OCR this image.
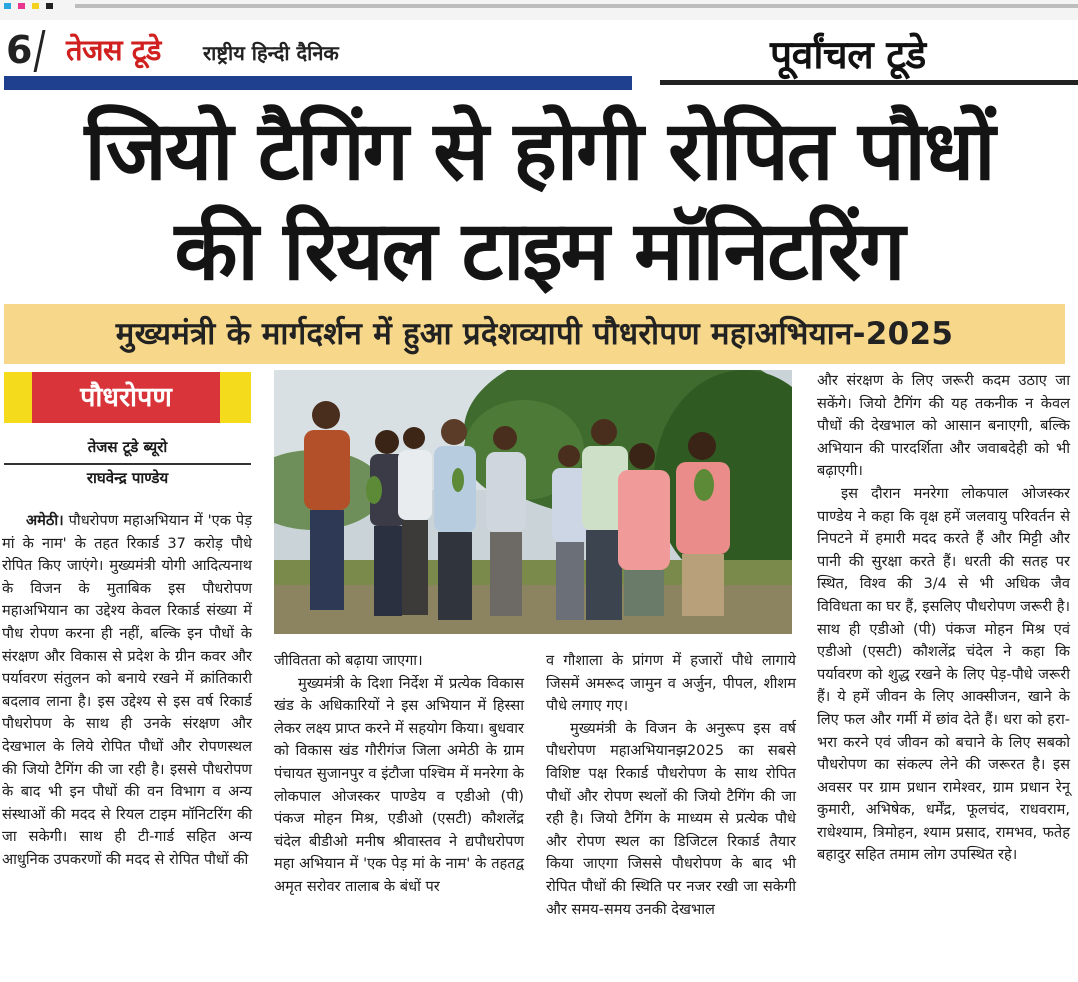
6 तेजस टूडे राष्ट्रीय हिन्दी दैनिक	पूर्वांचल टूडे
जियो टैगिंग से होगी रोपित पौधों
की रियल टाइम मॉनिटरिंग
मुख्यमंत्री के मार्गदर्शन में हुआ प्रदेशव्यापी पौधरोपण महाअभियान-2025
पौधरोपण
तेजस टूडे ब्यूरो
राघवेन्द्र पाण्डेय

अमेठी। पौधरोपण महाअभियान में 'एक पेड़ मां के नाम' के तहत रिकार्ड 37 करोड़ पौधे रोपित किए जाएंगे। मुख्यमंत्री योगी आदित्यनाथ के विजन के मुताबिक इस पौधरोपण महाअभियान का उद्देश्य केवल रिकार्ड संख्या में पौध रोपण करना ही नहीं, बल्कि इन पौधों के संरक्षण और विकास से प्रदेश के ग्रीन कवर और पर्यावरण संतुलन को बनाये रखने में क्रांतिकारी बदलाव लाना है। इस उद्देश्य से इस वर्ष रिकार्ड पौधरोपण के साथ ही उनके संरक्षण और देखभाल के लिये रोपित पौधों और रोपणस्थल की जियो टैगिंग की जा रही है। इससे पौधरोपण के बाद भी इन पौधों की वन विभाग व अन्य संस्थाओं की मदद से रियल टाइम मॉनिटरिंग की जा सकेगी। साथ ही टी-गार्ड सहित अन्य आधुनिक उपकरणों की मदद से रोपित पौधों की

जीवितता को बढ़ाया जाएगा।

मुख्यमंत्री के दिशा निर्देश में प्रत्येक विकास खंड के अधिकारियों ने इस अभियान में हिस्सा लेकर लक्ष्य प्राप्त करने में सहयोग किया। बुधवार को विकास खंड गौरीगंज जिला अमेठी के ग्राम पंचायत सुजानपुर व इंटौजा पश्चिम में मनरेगा के लोकपाल ओजस्कर पाण्डेय व एडीओ (पी) पंकज मोहन मिश्र, एडीओ (एसटी) कौशलेंद्र चंदेल बीडीओ मनीष श्रीवास्तव ने द्यपौधरोपण महा अभियान में 'एक पेड़ मां के नाम' के तहतद्व अमृत सरोवर तालाब के बंधों पर

व गौशाला के प्रांगण में हजारों पौधे लागाये जिसमें अमरूद जामुन व अर्जुन, पीपल, शीशम पौधे लगाए गए।

मुख्यमंत्री के विजन के अनुरूप इस वर्ष पौधरोपण महाअभियानझ2025 का सबसे विशिष्ट पक्ष रिकार्ड पौधरोपण के साथ रोपित पौधों और रोपण स्थलों की जियो टैगिंग की जा रही है। जियो टैगिंग के माध्यम से प्रत्येक पौधे और रोपण स्थल का डिजिटल रिकार्ड तैयार किया जाएगा जिससे पौधरोपण के बाद भी रोपित पौधों की स्थिति पर नजर रखी जा सकेगी और समय-समय उनकी देखभाल

और संरक्षण के लिए जरूरी कदम उठाए जा सकेंगे। जियो टैगिंग की यह तकनीक न केवल पौधों की देखभाल को आसान बनाएगी, बल्कि अभियान की पारदर्शिता और जवाबदेही को भी बढ़ाएगी।

इस दौरान मनरेगा लोकपाल ओजस्कर पाण्डेय ने कहा कि वृक्ष हमें जलवायु परिवर्तन से निपटने में हमारी मदद करते हैं और मिट्टी और पानी की सुरक्षा करते हैं। धरती की सतह पर स्थित, विश्व की 3/4 से भी अधिक जैव विविधता का घर हैं, इसलिए पौधरोपण जरूरी है। साथ ही एडीओ (पी) पंकज मोहन मिश्र एवं एडीओ (एसटी) कौशलेंद्र चंदेल ने कहा कि पर्यावरण को शुद्ध रखने के लिए पेड़-पौधे जरूरी हैं। ये हमें जीवन के लिए आक्सीजन, खाने के लिए फल और गर्मी में छांव देते हैं। धरा को हरा-भरा करने एवं जीवन को बचाने के लिए सबको पौधरोपण का संकल्प लेने की जरूरत है। इस अवसर पर ग्राम प्रधान रामेश्वर, ग्राम प्रधान रेनू कुमारी, अभिषेक, धर्मेंद्र, फूलचंद, राधवराम, राधेश्याम, त्रिमोहन, श्याम प्रसाद, रामभव, फतेह बहादुर सहित तमाम लोग उपस्थित रहे।
